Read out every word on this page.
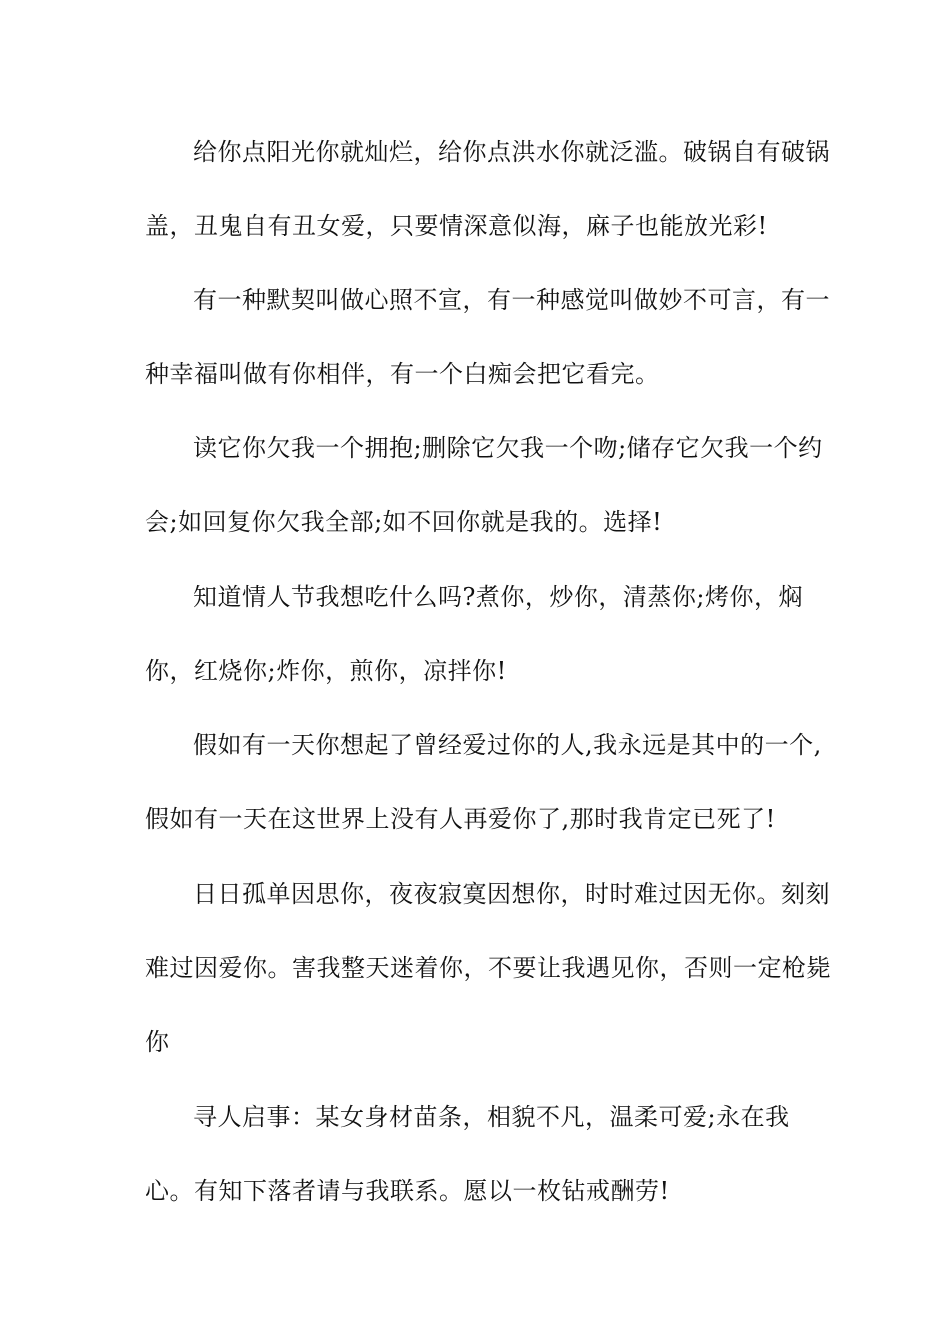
给你点阳光你就灿烂，给你点洪水你就泛滥。破锅自有破锅盖，丑鬼自有丑女爱，只要情深意似海，麻子也能放光彩!

有一种默契叫做心照不宣，有一种感觉叫做妙不可言，有一种幸福叫做有你相伴，有一个白痴会把它看完。

读它你欠我一个拥抱;删除它欠我一个吻;储存它欠我一个约会;如回复你欠我全部;如不回你就是我的。选择!

知道情人节我想吃什么吗?煮你，炒你，清蒸你;烤你，焖你，红烧你;炸你，煎你，凉拌你!

假如有一天你想起了曾经爱过你的人,我永远是其中的一个,假如有一天在这世界上没有人再爱你了,那时我肯定已死了!

日日孤单因思你，夜夜寂寞因想你，时时难过因无你。刻刻难过因爱你。害我整天迷着你，不要让我遇见你，否则一定枪毙你

寻人启事：某女身材苗条，相貌不凡，温柔可爱;永在我心。有知下落者请与我联系。愿以一枚钻戒酬劳!
